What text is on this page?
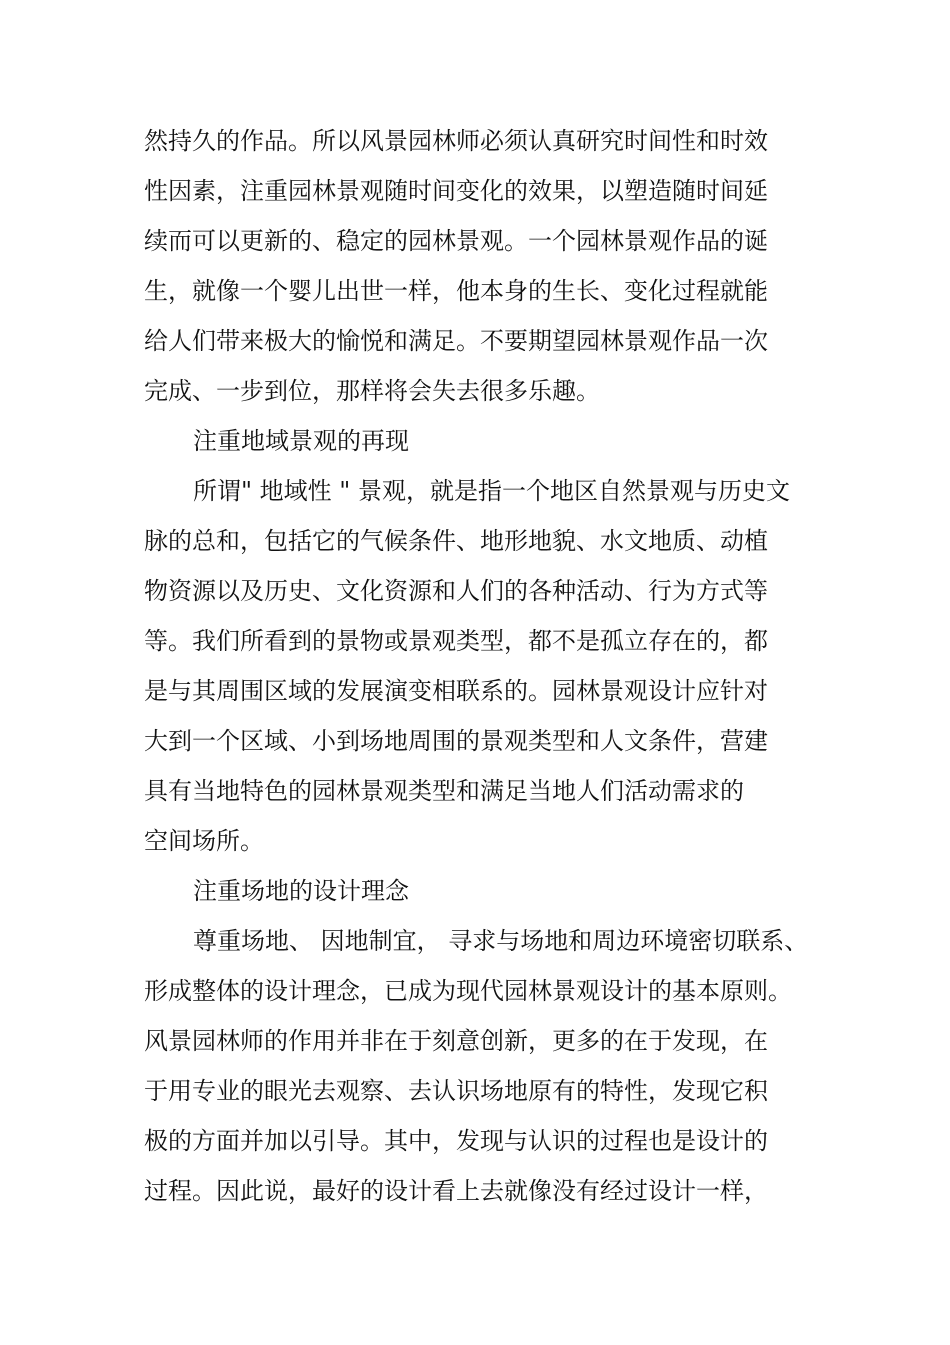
然持久的作品。所以风景园林师必须认真研究时间性和时效

性因素，注重园林景观随时间变化的效果，以塑造随时间延

续而可以更新的、稳定的园林景观。一个园林景观作品的诞

生，就像一个婴儿出世一样，他本身的生长、变化过程就能

给人们带来极大的愉悦和满足。不要期望园林景观作品一次

完成、一步到位，那样将会失去很多乐趣。

注重地域景观的再现

所谓" 地域性 " 景观，就是指一个地区自然景观与历史文

脉的总和，包括它的气候条件、地形地貌、水文地质、动植

物资源以及历史、文化资源和人们的各种活动、行为方式等

等。我们所看到的景物或景观类型，都不是孤立存在的，都

是与其周围区域的发展演变相联系的。园林景观设计应针对

大到一个区域、小到场地周围的景观类型和人文条件，营建

具有当地特色的园林景观类型和满足当地人们活动需求的

空间场所。

注重场地的设计理念

尊重场地、 因地制宜， 寻求与场地和周边环境密切联系、

形成整体的设计理念，已成为现代园林景观设计的基本原则。

风景园林师的作用并非在于刻意创新，更多的在于发现，在

于用专业的眼光去观察、去认识场地原有的特性，发现它积

极的方面并加以引导。其中，发现与认识的过程也是设计的

过程。因此说，最好的设计看上去就像没有经过设计一样，
